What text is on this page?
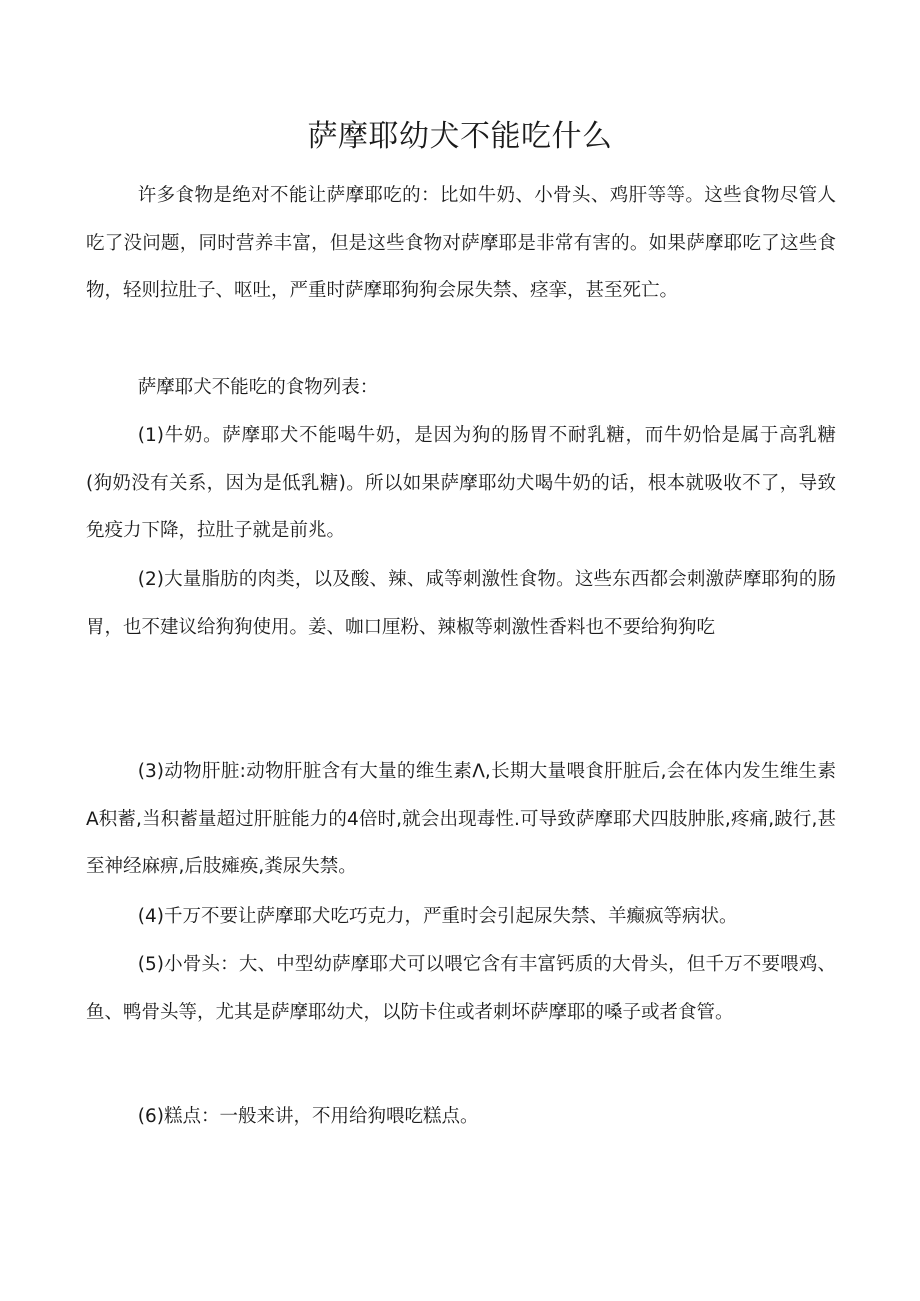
萨摩耶幼犬不能吃什么

许多食物是绝对不能让萨摩耶吃的：比如牛奶、小骨头、鸡肝等等。这些食物尽管人吃了没问题，同时营养丰富，但是这些食物对萨摩耶是非常有害的。如果萨摩耶吃了这些食物，轻则拉肚子、呕吐，严重时萨摩耶狗狗会尿失禁、痉挛，甚至死亡。

萨摩耶犬不能吃的食物列表：

(1)牛奶。萨摩耶犬不能喝牛奶，是因为狗的肠胃不耐乳糖，而牛奶恰是属于高乳糖(狗奶没有关系，因为是低乳糖)。所以如果萨摩耶幼犬喝牛奶的话，根本就吸收不了，导致免疫力下降，拉肚子就是前兆。

(2)大量脂肪的肉类，以及酸、辣、咸等刺激性食物。这些东西都会刺激萨摩耶狗的肠胃，也不建议给狗狗使用。姜、咖口厘粉、辣椒等刺激性香料也不要给狗狗吃

(3)动物肝脏:动物肝脏含有大量的维生素Λ,长期大量喂食肝脏后,会在体内发生维生素A积蓄,当积蓄量超过肝脏能力的4倍时,就会出现毒性.可导致萨摩耶犬四肢肿胀,疼痛,跛行,甚至神经麻痹,后肢瘫痪,粪尿失禁。

(4)千万不要让萨摩耶犬吃巧克力，严重时会引起尿失禁、羊癫疯等病状。

(5)小骨头：大、中型幼萨摩耶犬可以喂它含有丰富钙质的大骨头，但千万不要喂鸡、鱼、鸭骨头等，尤其是萨摩耶幼犬，以防卡住或者刺坏萨摩耶的嗓子或者食管。

(6)糕点：一般来讲，不用给狗喂吃糕点。
